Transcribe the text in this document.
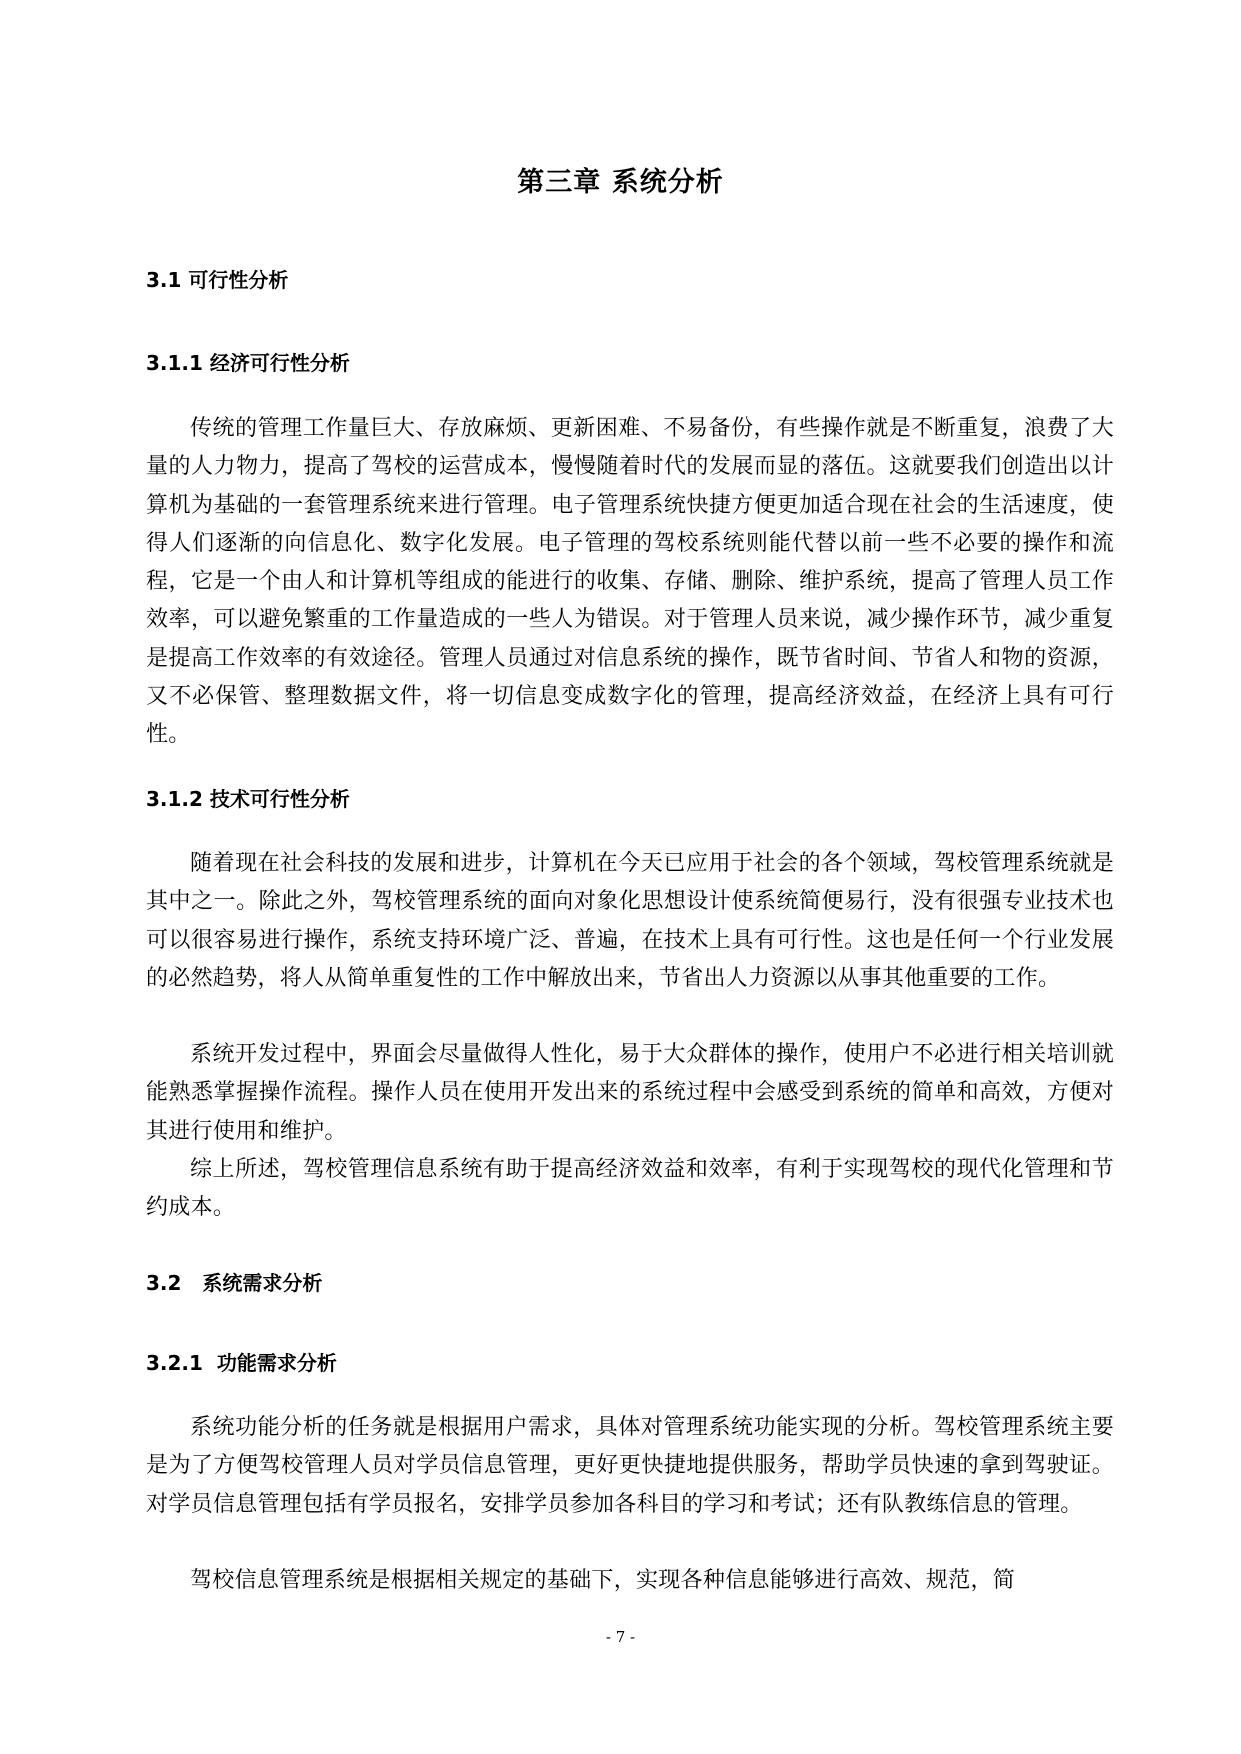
第三章 系统分析
3.1 可行性分析
3.1.1 经济可行性分析

传统的管理工作量巨大、存放麻烦、更新困难、不易备份，有些操作就是不断重复，浪费了大量的人力物力，提高了驾校的运营成本，慢慢随着时代的发展而显的落伍。这就要我们创造出以计算机为基础的一套管理系统来进行管理。电子管理系统快捷方便更加适合现在社会的生活速度，使得人们逐渐的向信息化、数字化发展。电子管理的驾校系统则能代替以前一些不必要的操作和流程，它是一个由人和计算机等组成的能进行的收集、存储、删除、维护系统，提高了管理人员工作效率，可以避免繁重的工作量造成的一些人为错误。对于管理人员来说，减少操作环节，减少重复是提高工作效率的有效途径。管理人员通过对信息系统的操作，既节省时间、节省人和物的资源，又不必保管、整理数据文件，将一切信息变成数字化的管理，提高经济效益，在经济上具有可行性。

3.1.2 技术可行性分析

随着现在社会科技的发展和进步，计算机在今天已应用于社会的各个领域，驾校管理系统就是其中之一。除此之外，驾校管理系统的面向对象化思想设计使系统简便易行，没有很强专业技术也可以很容易进行操作，系统支持环境广泛、普遍，在技术上具有可行性。这也是任何一个行业发展的必然趋势，将人从简单重复性的工作中解放出来，节省出人力资源以从事其他重要的工作。

系统开发过程中，界面会尽量做得人性化，易于大众群体的操作，使用户不必进行相关培训就能熟悉掌握操作流程。操作人员在使用开发出来的系统过程中会感受到系统的简单和高效，方便对其进行使用和维护。

综上所述，驾校管理信息系统有助于提高经济效益和效率，有利于实现驾校的现代化管理和节约成本。

3.2   系统需求分析
3.2.1  功能需求分析

系统功能分析的任务就是根据用户需求，具体对管理系统功能实现的分析。驾校管理系统主要是为了方便驾校管理人员对学员信息管理，更好更快捷地提供服务，帮助学员快速的拿到驾驶证。对学员信息管理包括有学员报名，安排学员参加各科目的学习和考试；还有队教练信息的管理。

驾校信息管理系统是根据相关规定的基础下，实现各种信息能够进行高效、规范，简

- 7 -
